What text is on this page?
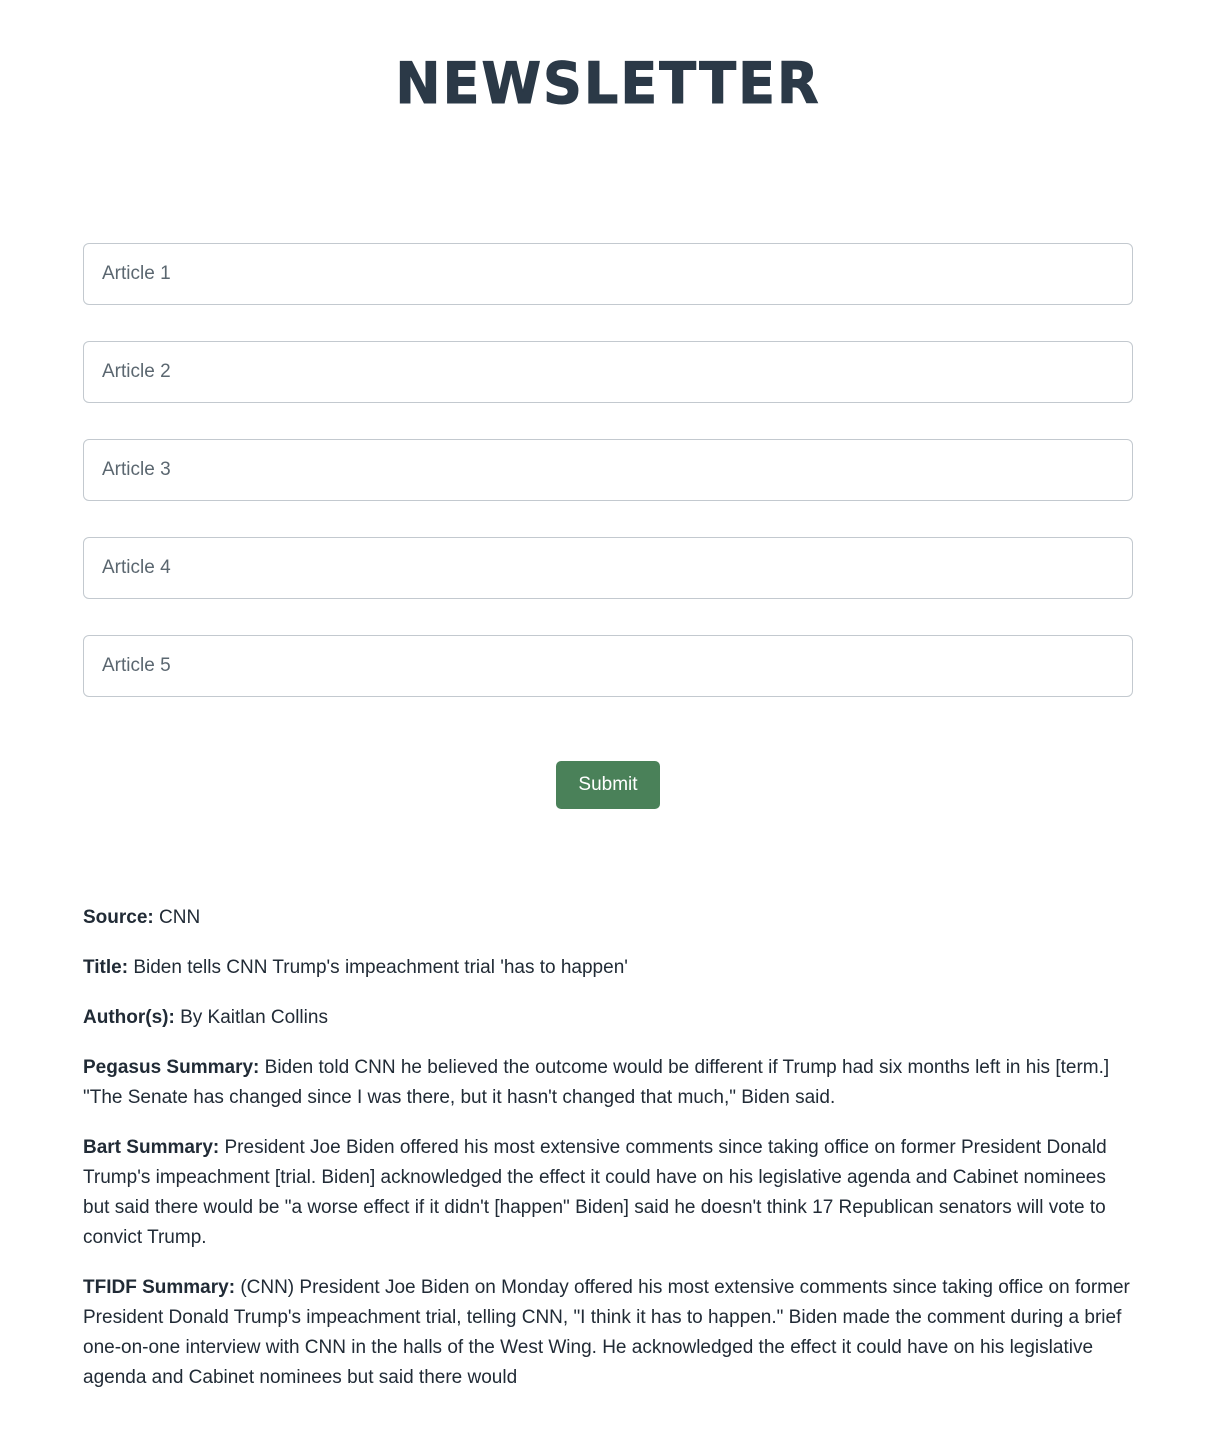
NEWSLETTER
Article 1
Article 2
Article 3
Article 4
Article 5
Submit

Source: CNN

Title: Biden tells CNN Trump's impeachment trial 'has to happen'

Author(s): By Kaitlan Collins

Pegasus Summary: Biden told CNN he believed the outcome would be different if Trump had six months left in his [term.] "The Senate has changed since I was there, but it hasn't changed that much," Biden said.

Bart Summary: President Joe Biden offered his most extensive comments since taking office on former President Donald Trump's impeachment [trial. Biden] acknowledged the effect it could have on his legislative agenda and Cabinet nominees but said there would be "a worse effect if it didn't [happen" Biden] said he doesn't think 17 Republican senators will vote to convict Trump.

TFIDF Summary: (CNN) President Joe Biden on Monday offered his most extensive comments since taking office on former President Donald Trump's impeachment trial, telling CNN, "I think it has to happen." Biden made the comment during a brief one-on-one interview with CNN in the halls of the West Wing. He acknowledged the effect it could have on his legislative agenda and Cabinet nominees but said there would
